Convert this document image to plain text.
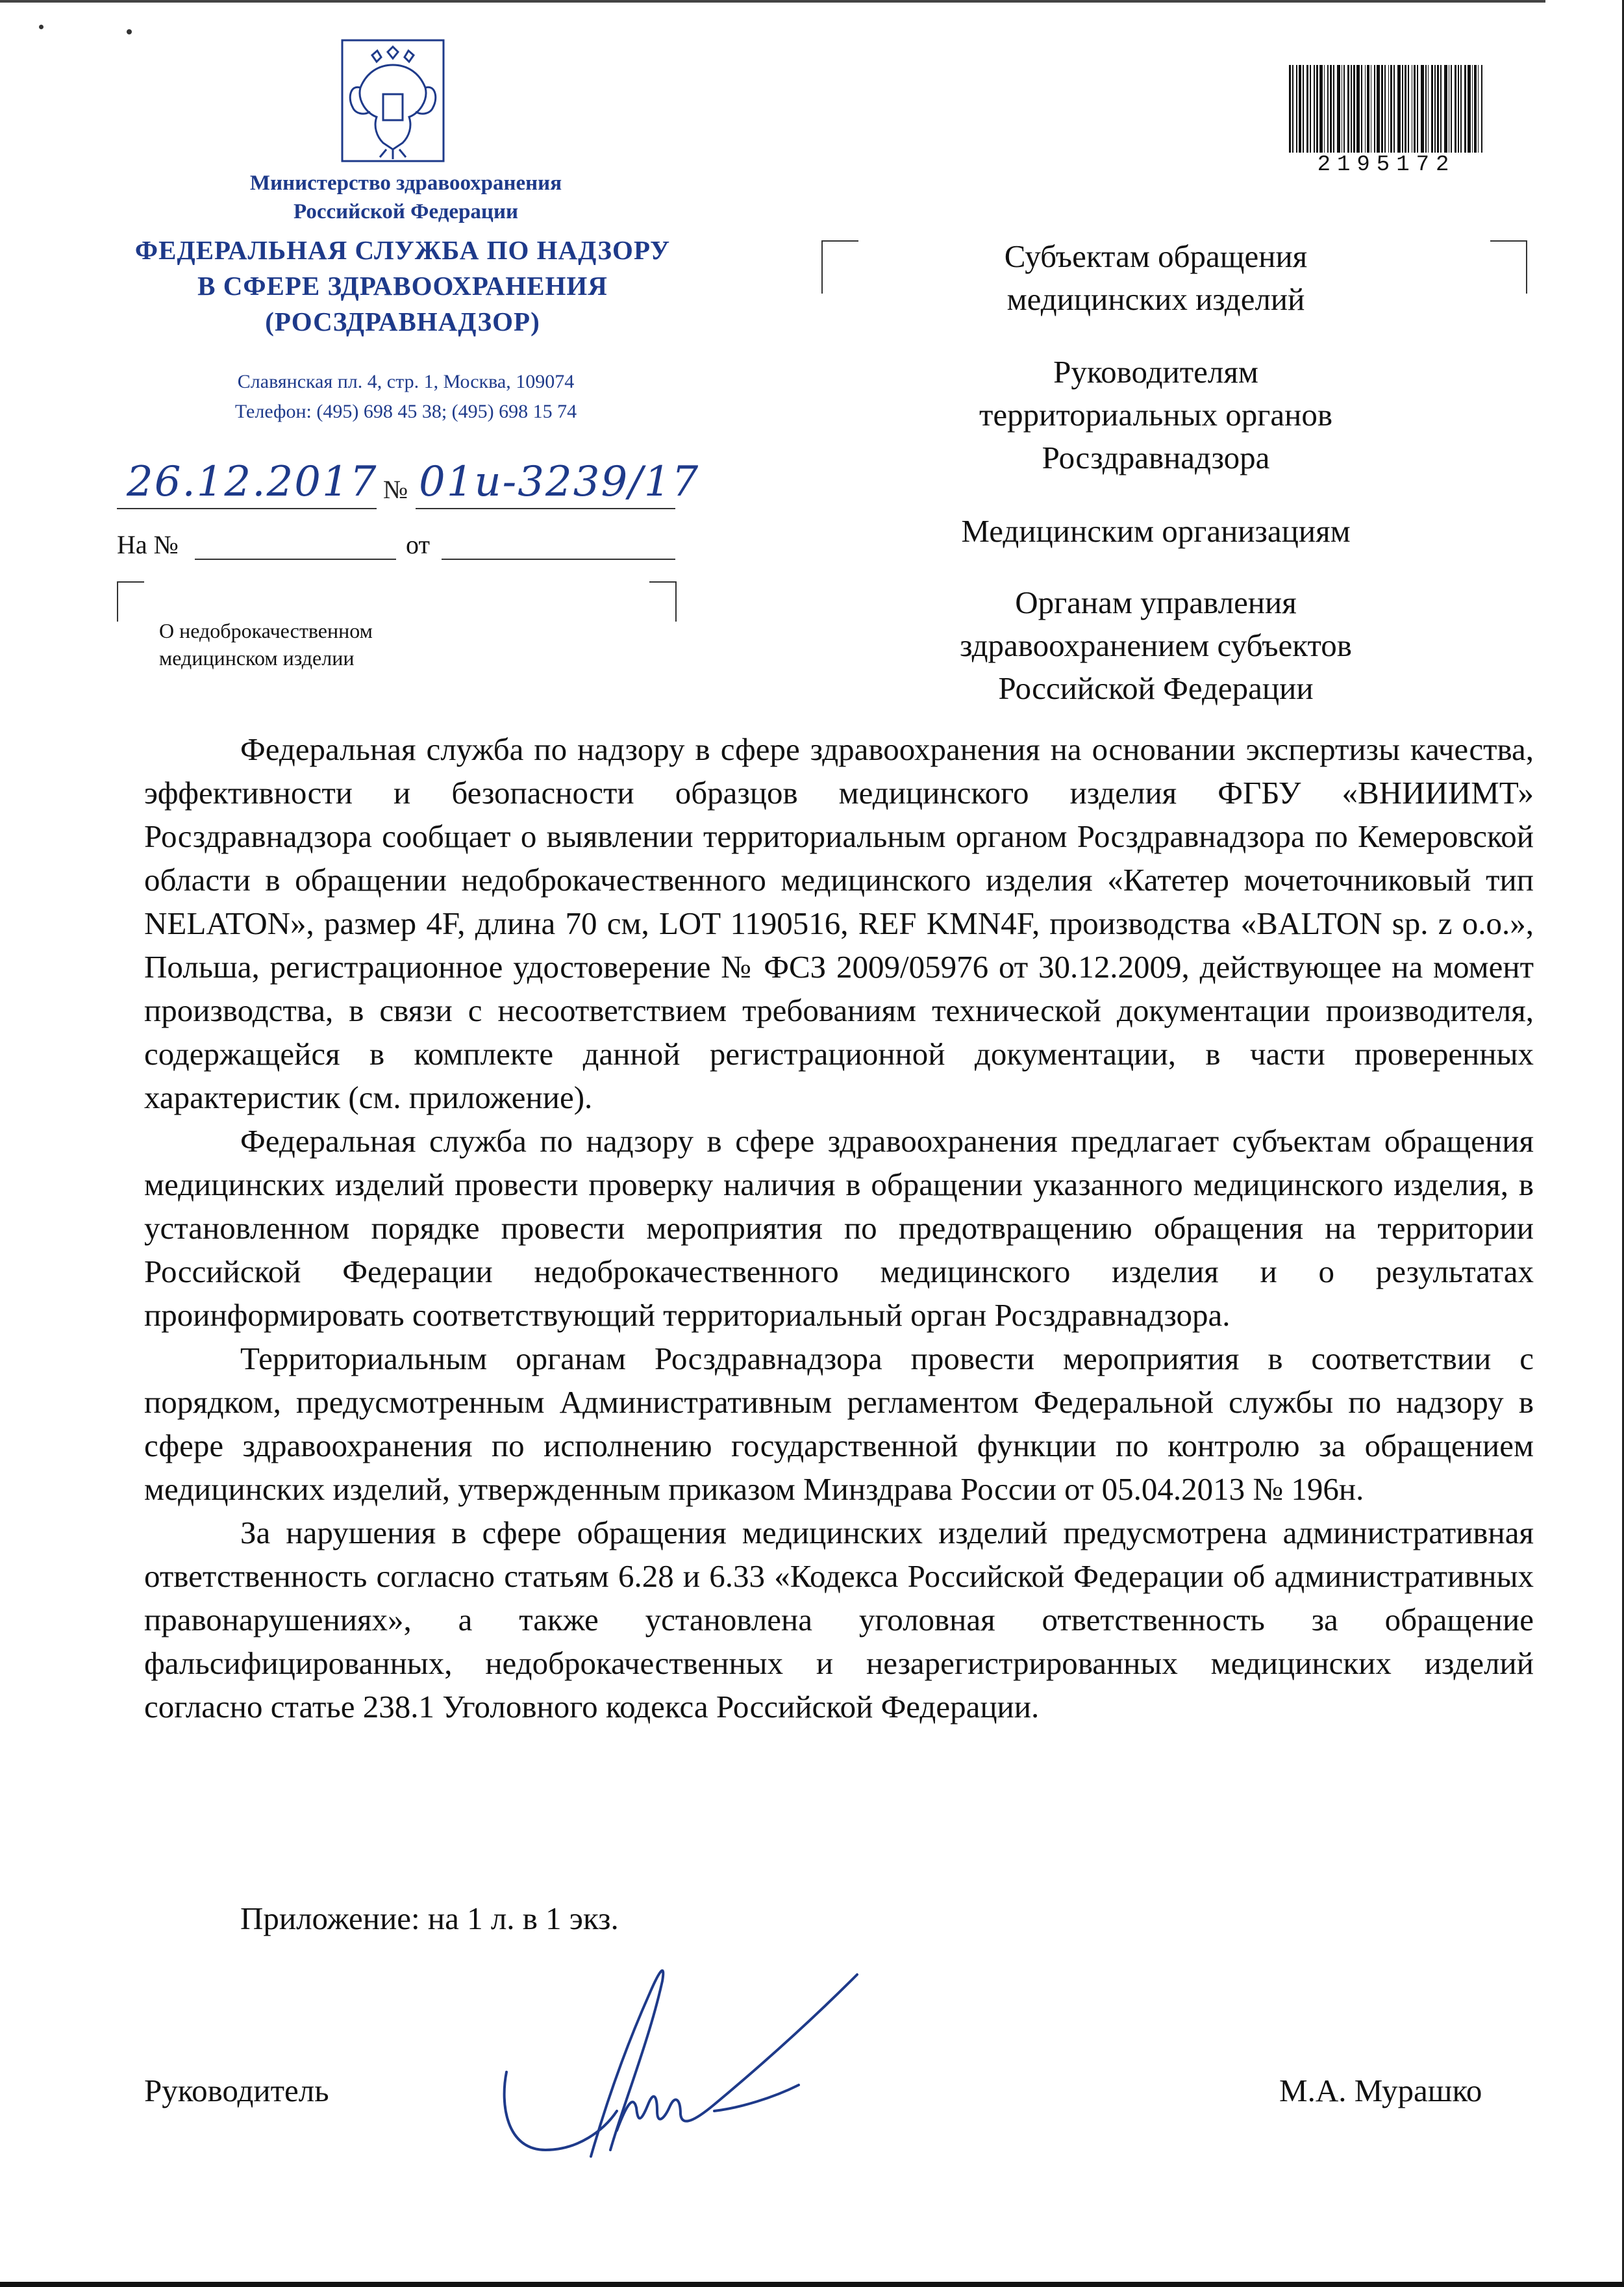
Министерство здравоохранения
Российской Федерации
ФЕДЕРАЛЬНАЯ СЛУЖБА ПО НАДЗОРУ
В СФЕРЕ ЗДРАВООХРАНЕНИЯ
(РОСЗДРАВНАДЗОР)
Славянская пл. 4, стр. 1, Москва, 109074
Телефон: (495) 698 45 38; (495) 698 15 74
26.12.2017 № 01и-3239/17
На №	от
О недоброкачественном
медицинском изделии
2195172
Субъектам обращения
медицинских изделий
Руководителям
территориальных органов
Росздравнадзора
Медицинским организациям
Органам управления
здравоохранением субъектов
Российской Федерации

Федеральная служба по надзору в сфере здравоохранения на основании экспертизы качества, эффективности и безопасности образцов медицинского изделия ФГБУ «ВНИИИМТ» Росздравнадзора сообщает о выявлении территориальным органом Росздравнадзора по Кемеровской области в обращении недоброкачественного медицинского изделия «Катетер мочеточниковый тип NELATON», размер 4F, длина 70 см, LOT 1190516, REF KMN4F, производства «BALTON sp. z o.o.», Польша, регистрационное удостоверение № ФСЗ 2009/05976 от 30.12.2009, действующее на момент производства, в связи с несоответствием требованиям технической документации производителя, содержащейся в комплекте данной регистрационной документации, в части проверенных характеристик (см. приложение).

Федеральная служба по надзору в сфере здравоохранения предлагает субъектам обращения медицинских изделий провести проверку наличия в обращении указанного медицинского изделия, в установленном порядке провести мероприятия по предотвращению обращения на территории Российской Федерации недоброкачественного медицинского изделия и о результатах проинформировать соответствующий территориальный орган Росздравнадзора.

Территориальным органам Росздравнадзора провести мероприятия в соответствии с порядком, предусмотренным Административным регламентом Федеральной службы по надзору в сфере здравоохранения по исполнению государственной функции по контролю за обращением медицинских изделий, утвержденным приказом Минздрава России от 05.04.2013 № 196н.

За нарушения в сфере обращения медицинских изделий предусмотрена административная ответственность согласно статьям 6.28 и 6.33 «Кодекса Российской Федерации об административных правонарушениях», а также установлена уголовная ответственность за обращение фальсифицированных, недоброкачественных и незарегистрированных медицинских изделий согласно статье 238.1 Уголовного кодекса Российской Федерации.

Приложение: на 1 л. в 1 экз.
Руководитель	М.А. Мурашко
